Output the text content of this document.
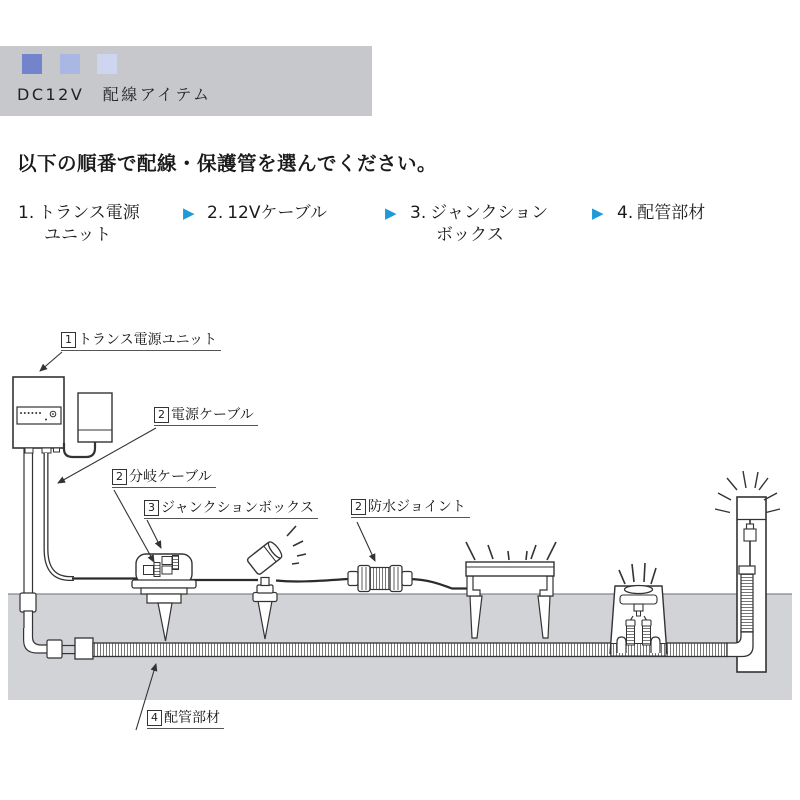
DC12V　配線アイテム
以下の順番で配線・保護管を選んでください。
1. トランス電源
ユニット
▶ 2. 12Vケーブル	▶ 3. ジャンクション
ボックス
▶ 4. 配管部材
1 トランス電源ユニット
2 電源ケーブル
2 分岐ケーブル
3 ジャンクションボックス	2 防水ジョイント
4 配管部材
